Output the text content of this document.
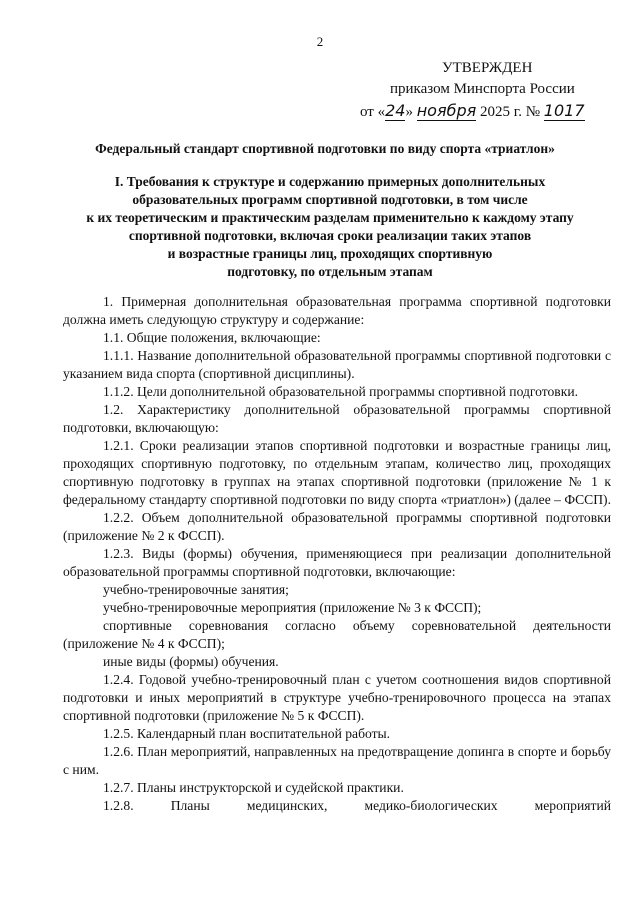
2
УТВЕРЖДЕН
приказом Минспорта России
от «24» ноября 2025 г. № 1017
Федеральный стандарт спортивной подготовки по виду спорта «триатлон»
I. Требования к структуре и содержанию примерных дополнительных
образовательных программ спортивной подготовки, в том числе
к их теоретическим и практическим разделам применительно к каждому этапу
спортивной подготовки, включая сроки реализации таких этапов
и возрастные границы лиц, проходящих спортивную
подготовку, по отдельным этапам

1. Примерная дополнительная образовательная программа спортивной подготовки должна иметь следующую структуру и содержание:

1.1. Общие положения, включающие:

1.1.1. Название дополнительной образовательной программы спортивной подготовки с указанием вида спорта (спортивной дисциплины).

1.1.2. Цели дополнительной образовательной программы спортивной подготовки.

1.2. Характеристику дополнительной образовательной программы спортивной подготовки, включающую:

1.2.1. Сроки реализации этапов спортивной подготовки и возрастные границы лиц, проходящих спортивную подготовку, по отдельным этапам, количество лиц, проходящих спортивную подготовку в группах на этапах спортивной подготовки (приложение № 1 к федеральному стандарту спортивной подготовки по виду спорта «триатлон») (далее – ФССП).

1.2.2. Объем дополнительной образовательной программы спортивной подготовки (приложение № 2 к ФССП).

1.2.3. Виды (формы) обучения, применяющиеся при реализации дополнительной образовательной программы спортивной подготовки, включающие:

учебно-тренировочные занятия;

учебно-тренировочные мероприятия (приложение № 3 к ФССП);

спортивные соревнования согласно объему соревновательной деятельности (приложение № 4 к ФССП);

иные виды (формы) обучения.

1.2.4. Годовой учебно-тренировочный план с учетом соотношения видов спортивной подготовки и иных мероприятий в структуре учебно-тренировочного процесса на этапах спортивной подготовки (приложение № 5 к ФССП).

1.2.5. Календарный план воспитательной работы.

1.2.6. План мероприятий, направленных на предотвращение допинга в спорте и борьбу с ним.

1.2.7. Планы инструкторской и судейской практики.

1.2.8. Планы медицинских, медико-биологических мероприятий
